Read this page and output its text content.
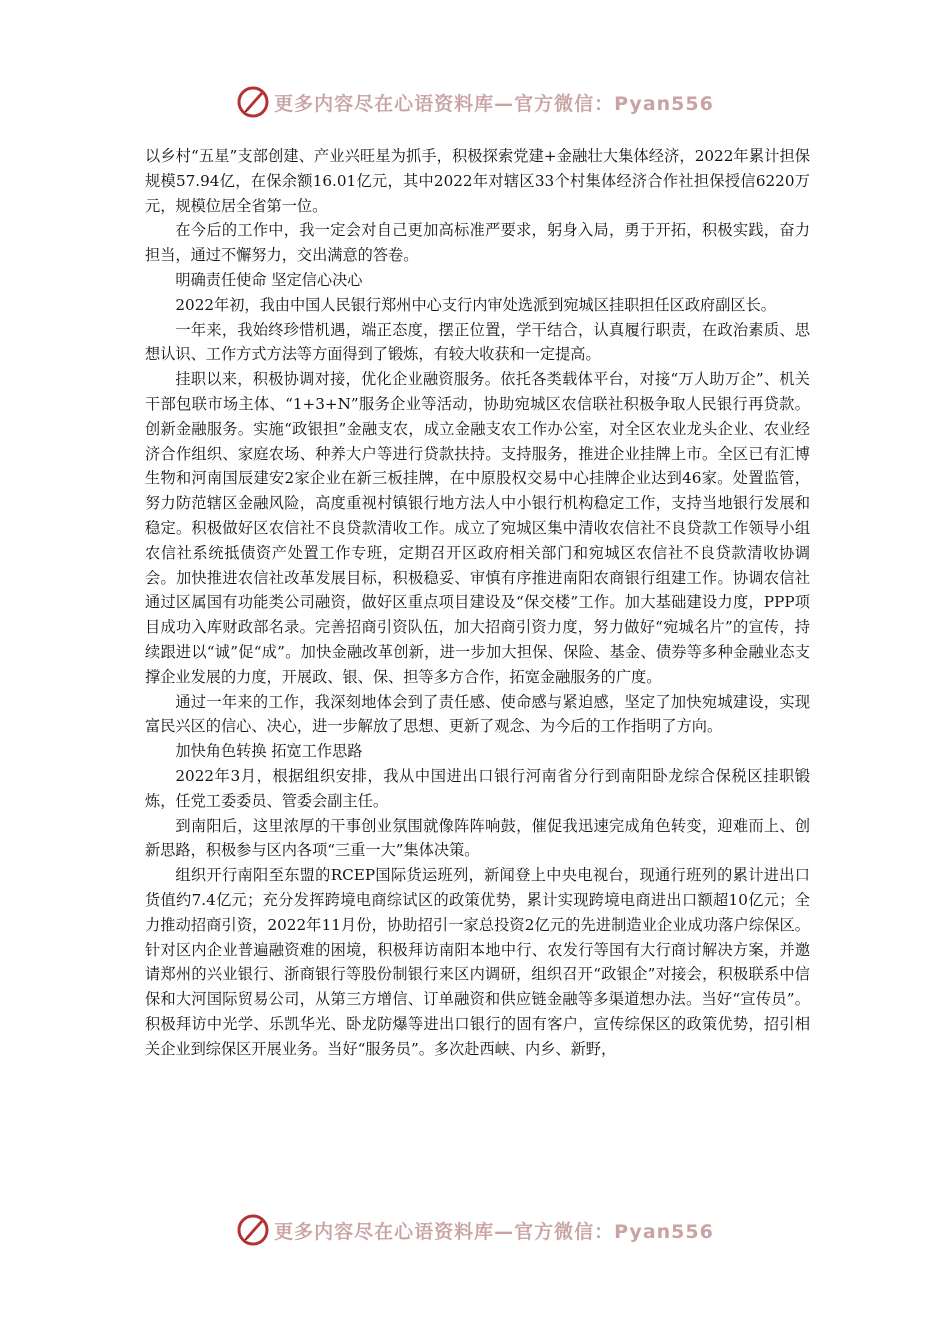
更多内容尽在心语资料库—官方微信：Pyan556

以乡村“五星”支部创建、产业兴旺星为抓手，积极探索党建+金融壮大集体经济，2022年累计担保规模57.94亿，在保余额16.01亿元，其中2022年对辖区33个村集体经济合作社担保授信6220万元，规模位居全省第一位。

在今后的工作中，我一定会对自己更加高标准严要求，躬身入局，勇于开拓，积极实践，奋力担当，通过不懈努力，交出满意的答卷。

明确责任使命 坚定信心决心

2022年初，我由中国人民银行郑州中心支行内审处选派到宛城区挂职担任区政府副区长。

一年来，我始终珍惜机遇，端正态度，摆正位置，学干结合，认真履行职责，在政治素质、思想认识、工作方式方法等方面得到了锻炼，有较大收获和一定提高。

挂职以来，积极协调对接，优化企业融资服务。依托各类载体平台，对接“万人助万企”、机关干部包联市场主体、“1+3+N”服务企业等活动，协助宛城区农信联社积极争取人民银行再贷款。创新金融服务。实施“政银担”金融支农，成立金融支农工作办公室，对全区农业龙头企业、农业经济合作组织、家庭农场、种养大户等进行贷款扶持。支持服务，推进企业挂牌上市。全区已有汇博生物和河南国辰建安2家企业在新三板挂牌，在中原股权交易中心挂牌企业达到46家。处置监管，努力防范辖区金融风险，高度重视村镇银行地方法人中小银行机构稳定工作，支持当地银行发展和稳定。积极做好区农信社不良贷款清收工作。成立了宛城区集中清收农信社不良贷款工作领导小组农信社系统抵债资产处置工作专班，定期召开区政府相关部门和宛城区农信社不良贷款清收协调会。加快推进农信社改革发展目标，积极稳妥、审慎有序推进南阳农商银行组建工作。协调农信社通过区属国有功能类公司融资，做好区重点项目建设及“保交楼”工作。加大基础建设力度，PPP项目成功入库财政部名录。完善招商引资队伍，加大招商引资力度，努力做好“宛城名片”的宣传，持续跟进以“诚”促“成”。加快金融改革创新，进一步加大担保、保险、基金、债券等多种金融业态支撑企业发展的力度，开展政、银、保、担等多方合作，拓宽金融服务的广度。

通过一年来的工作，我深刻地体会到了责任感、使命感与紧迫感，坚定了加快宛城建设，实现富民兴区的信心、决心，进一步解放了思想、更新了观念、为今后的工作指明了方向。

加快角色转换 拓宽工作思路

2022年3月，根据组织安排，我从中国进出口银行河南省分行到南阳卧龙综合保税区挂职锻炼，任党工委委员、管委会副主任。

到南阳后，这里浓厚的干事创业氛围就像阵阵响鼓，催促我迅速完成角色转变，迎难而上、创新思路，积极参与区内各项“三重一大”集体决策。

组织开行南阳至东盟的RCEP国际货运班列，新闻登上中央电视台，现通行班列的累计进出口货值约7.4亿元；充分发挥跨境电商综试区的政策优势，累计实现跨境电商进出口额超10亿元；全力推动招商引资，2022年11月份，协助招引一家总投资2亿元的先进制造业企业成功落户综保区。针对区内企业普遍融资难的困境，积极拜访南阳本地中行、农发行等国有大行商讨解决方案，并邀请郑州的兴业银行、浙商银行等股份制银行来区内调研，组织召开“政银企”对接会，积极联系中信保和大河国际贸易公司，从第三方增信、订单融资和供应链金融等多渠道想办法。当好“宣传员”。积极拜访中光学、乐凯华光、卧龙防爆等进出口银行的固有客户，宣传综保区的政策优势，招引相关企业到综保区开展业务。当好“服务员”。多次赴西峡、内乡、新野，

更多内容尽在心语资料库—官方微信：Pyan556
